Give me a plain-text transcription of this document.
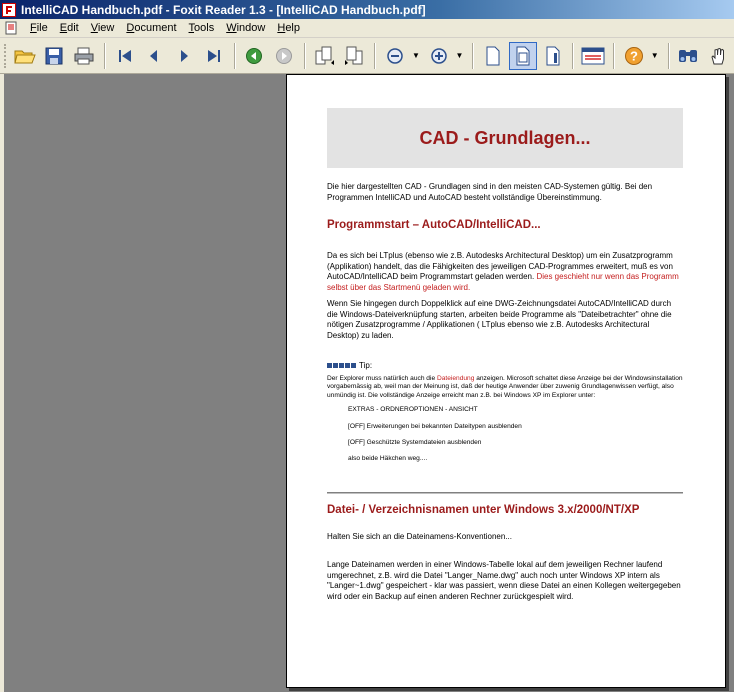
IntelliCAD Handbuch.pdf - Foxit Reader 1.3 - [IntelliCAD Handbuch.pdf]
File	Edit	View	Document	Tools	Window	Help
▼	▼	? ▼
CAD - Grundlagen...
Die hier dargestellten CAD - Grundlagen sind in den meisten CAD-Systemen gültig. Bei den Programmen IntelliCAD und AutoCAD besteht vollständige Übereinstimmung.
Programmstart – AutoCAD/IntelliCAD...
Da es sich bei LTplus (ebenso wie z.B. Autodesks Architectural Desktop) um ein Zusatzprogramm (Applikation) handelt, das die Fähigkeiten des jeweiligen CAD-Programmes erweitert, muß es von AutoCAD/IntelliCAD beim Programmstart geladen werden. Dies geschieht nur wenn das Programm selbst über das Startmenü geladen wird.
Wenn Sie hingegen durch Doppelklick auf eine DWG-Zeichnungsdatei AutoCAD/IntelliCAD durch die Windows-Dateiverknüpfung starten, arbeiten beide Programme als "Dateibetrachter" ohne die nötigen Zusatzprogramme / Applikationen ( LTplus ebenso wie z.B. Autodesks Architectural Desktop) zu laden.
Tip:
Der Explorer muss natürlich auch die Dateiendung anzeigen. Microsoft schaltet diese Anzeige bei der Windowsinstallation vorgabemässig ab, weil man der Meinung ist, daß der heutige Anwender über zuwenig Grundlagenwissen verfügt, also unmündig ist. Die vollständige Anzeige erreicht man z.B. bei Windows XP im Explorer unter:
EXTRAS - ORDNEROPTIONEN - ANSICHT
[OFF] Erweiterungen bei bekannten Dateitypen ausblenden
[OFF] Geschützte Systemdateien ausblenden
also beide Häkchen weg....
Datei- / Verzeichnisnamen unter Windows 3.x/2000/NT/XP
Halten Sie sich an die Dateinamens-Konventionen...
Lange Dateinamen werden in einer Windows-Tabelle lokal auf dem jeweiligen Rechner laufend umgerechnet, z.B. wird die Datei "Langer_Name.dwg" auch noch unter Windows XP intern als "Langer~1.dwg" gespeichert - klar was passiert, wenn diese Datei an einen Kollegen weitergegeben wird oder ein Backup auf einen anderen Rechner zurückgespielt wird.
